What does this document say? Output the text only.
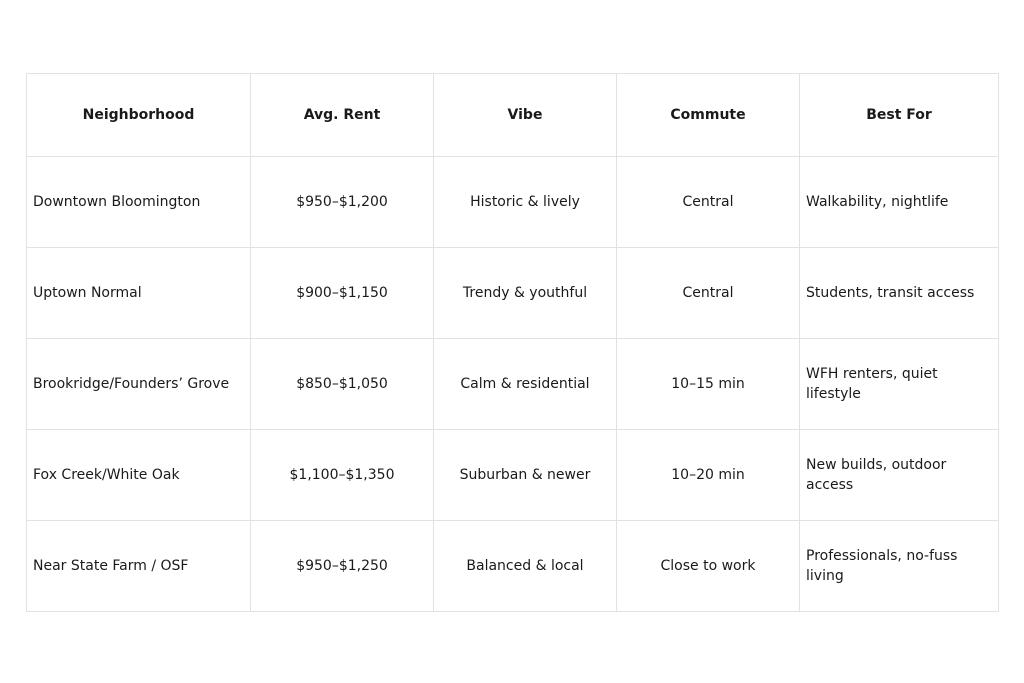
Neighborhood	Avg. Rent	Vibe	Commute	Best For
Downtown Bloomington	$950–$1,200	Historic & lively	Central	Walkability, nightlife
Uptown Normal	$900–$1,150	Trendy & youthful	Central	Students, transit access
Brookridge/Founders’ Grove	$850–$1,050	Calm & residential	10–15 min	WFH renters, quiet lifestyle
Fox Creek/White Oak	$1,100–$1,350	Suburban & newer	10–20 min	New builds, outdoor access
Near State Farm / OSF	$950–$1,250	Balanced & local	Close to work	Professionals, no-fuss living
